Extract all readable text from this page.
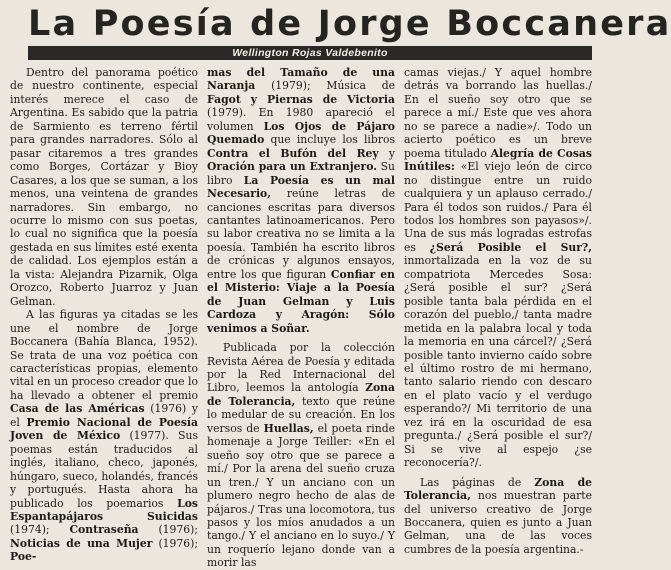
La Poesía de Jorge Boccanera
Wellington Rojas Valdebenito

Dentro del panorama poético de nuestro continente, especial interés merece el caso de Argentina. Es sabido que la patria de Sarmiento es terreno fértil para grandes narradores. Sólo al pasar citaremos a tres grandes como Borges, Cortázar y Bioy Casares, a los que se suman, a los menos, una veintena de grandes narradores. Sin embargo, no ocurre lo mismo con sus poetas, lo cual no significa que la poesía gestada en sus límites esté exenta de calidad. Los ejemplos están a la vista: Alejandra Pizarnik, Olga Orozco, Roberto Juarroz y Juan Gelman.

A las figuras ya citadas se les une el nombre de Jorge Boccanera (Bahía Blanca, 1952). Se trata de una voz poética con características propias, elemento vital en un proceso creador que lo ha llevado a obtener el premio Casa de las Américas (1976) y el Premio Nacional de Poesía Joven de México (1977). Sus poemas están traducidos al inglés, italiano, checo, japonés, húngaro, sueco, holandés, francés y portugués. Hasta ahora ha publicado los poemarios Los Espantapájaros Suicidas (1974); Contraseña (1976); Noticias de una Mujer (1976); Poe-

mas del Tamaño de una Naranja (1979); Música de Fagot y Piernas de Victoria (1979). En 1980 apareció el volumen Los Ojos de Pájaro Quemado que incluye los libros Contra el Bufón del Rey y Oración para un Extranjero. Su libro La Poesía es un mal Necesario, reúne letras de canciones escritas para diversos cantantes latinoamericanos. Pero su labor creativa no se limita a la poesía. También ha escrito libros de crónicas y algunos ensayos, entre los que figuran Confiar en el Misterio: Viaje a la Poesía de Juan Gelman y Luis Cardoza y Aragón: Sólo venimos a Soñar.

Publicada por la colección Revista Aérea de Poesía y editada por la Red Internacional del Libro, leemos la antología Zona de Tolerancia, texto que reúne lo medular de su creación. En los versos de Huellas, el poeta rinde homenaje a Jorge Teiller: «En el sueño soy otro que se parece a mí./ Por la arena del sueño cruza un tren./ Y un anciano con un plumero negro hecho de alas de pájaros./ Tras una locomotora, tus pasos y los míos anudados a un tango./ Y el anciano en lo suyo./ Y un roquerío lejano donde van a morir las

camas viejas./ Y aquel hombre detrás va borrando las huellas./ En el sueño soy otro que se parece a mí./ Este que ves ahora no se parece a nadie»/. Todo un acierto poético es un breve poema titulado Alegría de Cosas Inútiles: «El viejo león de circo no distingue entre un ruido cualquiera y un aplauso cerrado./ Para él todos son ruidos./ Para él todos los hombres son payasos»/. Una de sus más logradas estrofas es ¿Será Posible el Sur?, inmortalizada en la voz de su compatriota Mercedes Sosa: ¿Será posible el sur? ¿Será posible tanta bala pérdida en el corazón del pueblo,/ tanta madre metida en la palabra local y toda la memoria en una cárcel?/ ¿Será posible tanto invierno caído sobre el último rostro de mi hermano, tanto salario riendo con descaro en el plato vacío y el verdugo esperando?/ Mi territorio de una vez irá en la oscuridad de esa pregunta./ ¿Será posible el sur?/ Si se vive al espejo ¿se reconocería?/.

Las páginas de Zona de Tolerancia, nos muestran parte del universo creativo de Jorge Boccanera, quien es junto a Juan Gelman, una de las voces cumbres de la poesía argentina.-
